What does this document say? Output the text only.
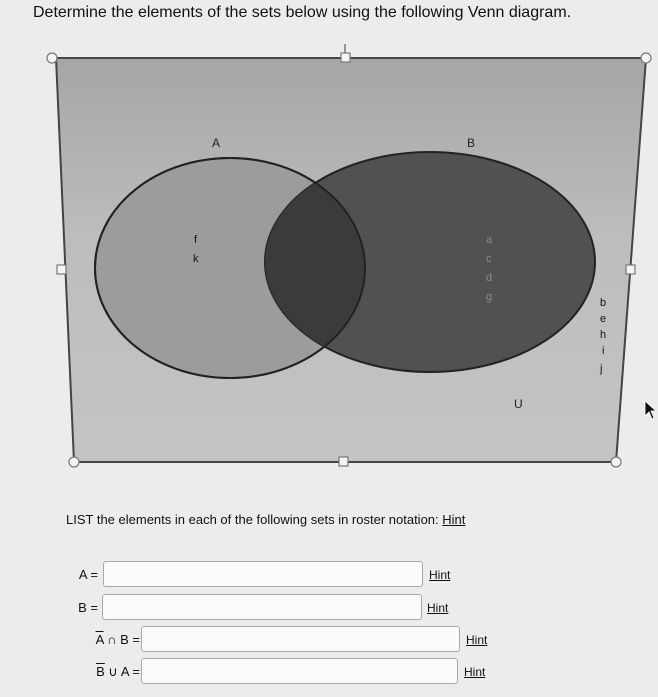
Determine the elements of the sets below using the following Venn diagram.
A	B
U
f
k
a
c
d
g	b
e
h
i
j
LIST the elements in each of the following sets in roster notation: Hint
A =	Hint
B =	Hint
$\overline{A}$ ∩ B =	Hint
$\overline{B}$ ∪ A =	Hint
